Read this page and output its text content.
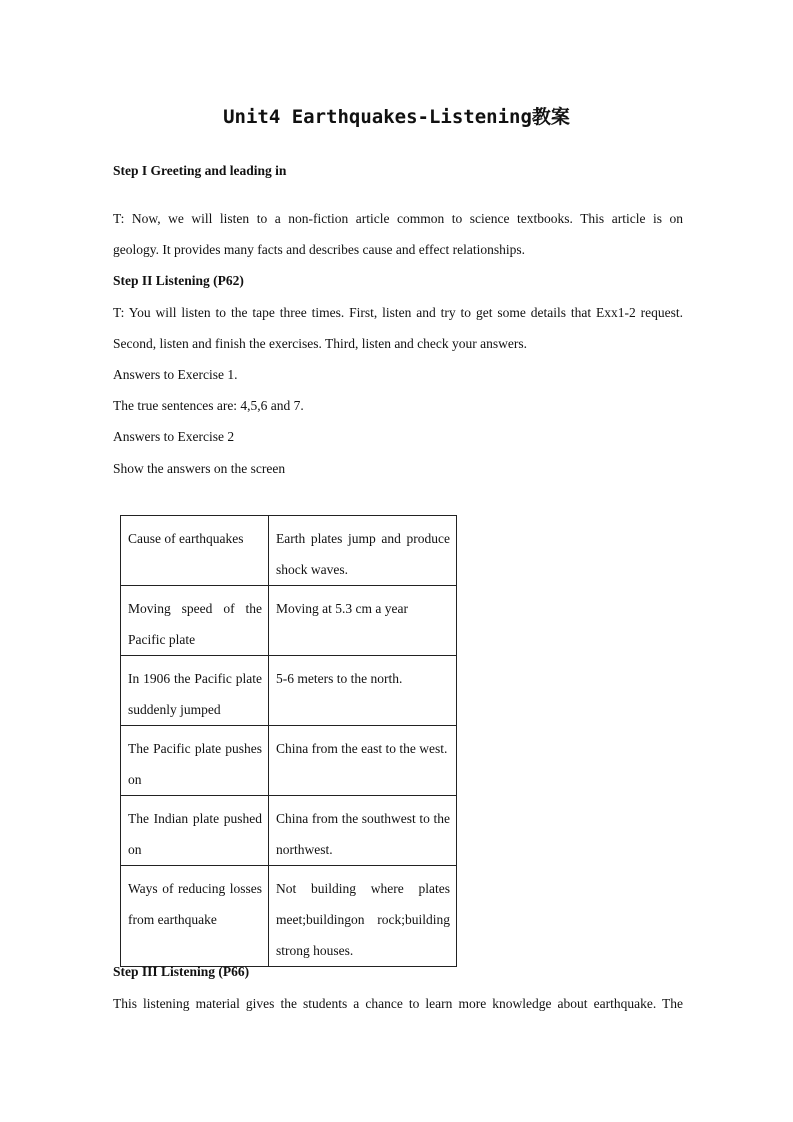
Unit4 Earthquakes-Listening教案
Step I Greeting and leading in
T: Now, we will listen to a non-fiction article common to science textbooks. This article is on
geology. It provides many facts and describes cause and effect relationships.
Step II Listening (P62)
T: You will listen to the tape three times. First, listen and try to get some details that Exx1-2 request.
Second, listen and finish the exercises. Third, listen and check your answers.
Answers to Exercise 1.
The true sentences are: 4,5,6 and 7.
Answers to Exercise 2
Show the answers on the screen
Cause of earthquakes	Earth plates jump and produce shock waves.
Moving speed of the Pacific plate	Moving at 5.3 cm a year
In 1906 the Pacific plate suddenly jumped	5-6 meters to the north.
The Pacific plate pushes on	China from the east to the west.
The Indian plate pushed on	China from the southwest to the northwest.
Ways of reducing losses from earthquake	Not building where plates meet;buildingon rock;building strong houses.
Step III Listening (P66)
This listening material gives the students a chance to learn more knowledge about earthquake. The
